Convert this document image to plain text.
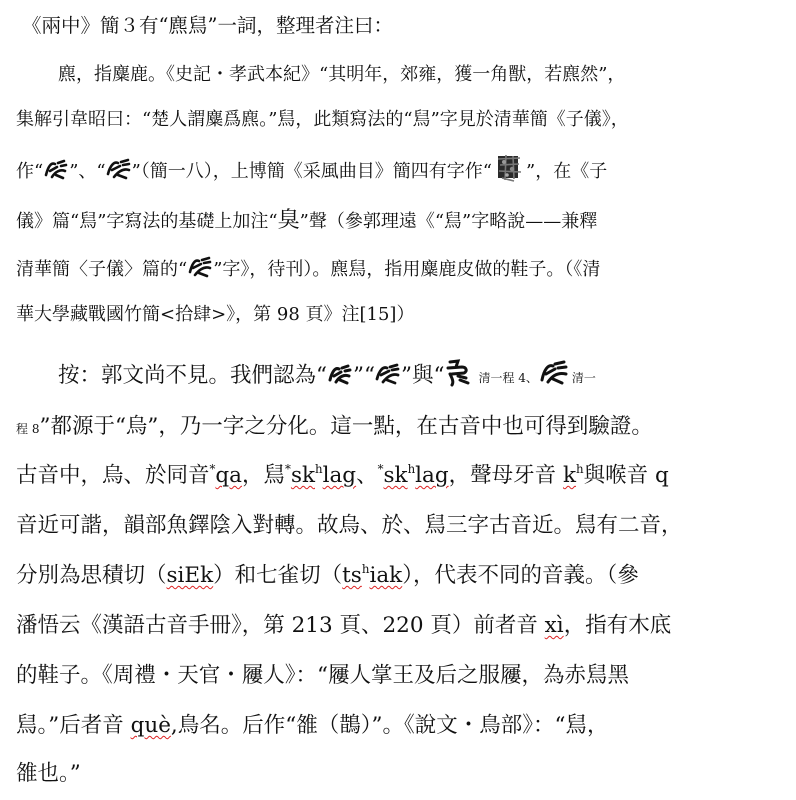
《兩中》簡３有“麃舃”一詞，整理者注曰：
麃，指麋鹿。《史記・孝武本紀》“其明年，郊雍，獲一角獸，若麃然”，
集解引韋昭曰：“楚人謂麋爲麃。”舃，此類寫法的“舃”字見於清華簡《子儀》，
作“ ”、“ ”（簡一八），上博簡《采風曲目》簡四有字作“ ”，在《子
儀》篇“舃”字寫法的基礎上加注“臭”聲（參郭理遠《“舃”字略說——兼釋
清華簡〈子儀〉篇的“ ”字》，待刊）。麃舃，指用麋鹿皮做的鞋子。（《清
華大學藏戰國竹簡<拾肆>》，第 98 頁》注[15]）
按：郭文尚不見。我們認為“ ”“ ”與“	清一程 4、	清一
程 8”都源于“烏”，乃一字之分化。這一點，在古音中也可得到驗證。
古音中，烏、於同音*qa，舃$^*sk^hlag$、$^*sk^hlag$，聲母牙音 $k^h$與喉音 q
音近可諧，韻部魚鐸陰入對轉。故烏、於、舃三字古音近。舃有二音，
分別為思積切（siEk）和七雀切$(ts^hiak)$，代表不同的音義。（參
潘悟云《漢語古音手冊》，第 213 頁、220 頁）前者音 xì，指有木底
的鞋子。《周禮・天官・屨人》：“屨人掌王及后之服屨，為赤舃黑
舃。”后者音 què,鳥名。后作“雒（鵲）”。《說文・鳥部》：“舃，
雒也。”
